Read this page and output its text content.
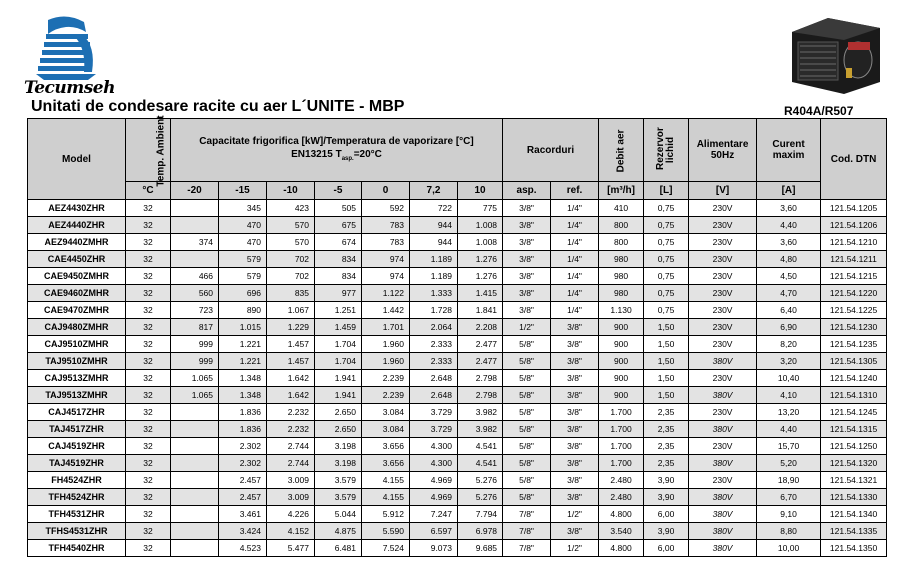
Tecumseh
Unitati de condesare racite cu aer L´UNITE - MBP	R404A/R507
Model	Temp. Ambient	Capacitate frigorifica [kW]/Temperatura de vaporizare [°C]
EN13215 $T_{asp.}=20^\circ C$							Racorduri		Debit aer	Rezervor lichid	Alimentare 50Hz	Curent maxim	Cod. DTN
	°C	-20	-15	-10	-5	0	7,2	10	asp.	ref.	[m³/h]	[L]	[V]	[A]	
AEZ4430ZHR	32		345	423	505	592	722	775	3/8"	1/4"	410	0,75	230V	3,60	121.54.1205
AEZ4440ZHR	32		470	570	675	783	944	1.008	3/8"	1/4"	800	0,75	230V	4,40	121.54.1206
AEZ9440ZMHR	32	374	470	570	674	783	944	1.008	3/8"	1/4"	800	0,75	230V	3,60	121.54.1210
CAE4450ZHR	32		579	702	834	974	1.189	1.276	3/8"	1/4"	980	0,75	230V	4,80	121.54.1211
CAE9450ZMHR	32	466	579	702	834	974	1.189	1.276	3/8"	1/4"	980	0,75	230V	4,50	121.54.1215
CAE9460ZMHR	32	560	696	835	977	1.122	1.333	1.415	3/8"	1/4"	980	0,75	230V	4,70	121.54.1220
CAE9470ZMHR	32	723	890	1.067	1.251	1.442	1.728	1.841	3/8"	1/4"	1.130	0,75	230V	6,40	121.54.1225
CAJ9480ZMHR	32	817	1.015	1.229	1.459	1.701	2.064	2.208	1/2"	3/8"	900	1,50	230V	6,90	121.54.1230
CAJ9510ZMHR	32	999	1.221	1.457	1.704	1.960	2.333	2.477	5/8"	3/8"	900	1,50	230V	8,20	121.54.1235
TAJ9510ZMHR	32	999	1.221	1.457	1.704	1.960	2.333	2.477	5/8"	3/8"	900	1,50	380V	3,20	121.54.1305
CAJ9513ZMHR	32	1.065	1.348	1.642	1.941	2.239	2.648	2.798	5/8"	3/8"	900	1,50	230V	10,40	121.54.1240
TAJ9513ZMHR	32	1.065	1.348	1.642	1.941	2.239	2.648	2.798	5/8"	3/8"	900	1,50	380V	4,10	121.54.1310
CAJ4517ZHR	32		1.836	2.232	2.650	3.084	3.729	3.982	5/8"	3/8"	1.700	2,35	230V	13,20	121.54.1245
TAJ4517ZHR	32		1.836	2.232	2.650	3.084	3.729	3.982	5/8"	3/8"	1.700	2,35	380V	4,40	121.54.1315
CAJ4519ZHR	32		2.302	2.744	3.198	3.656	4.300	4.541	5/8"	3/8"	1.700	2,35	230V	15,70	121.54.1250
TAJ4519ZHR	32		2.302	2.744	3.198	3.656	4.300	4.541	5/8"	3/8"	1.700	2,35	380V	5,20	121.54.1320
FH4524ZHR	32		2.457	3.009	3.579	4.155	4.969	5.276	5/8"	3/8"	2.480	3,90	230V	18,90	121.54.1321
TFH4524ZHR	32		2.457	3.009	3.579	4.155	4.969	5.276	5/8"	3/8"	2.480	3,90	380V	6,70	121.54.1330
TFH4531ZHR	32		3.461	4.226	5.044	5.912	7.247	7.794	7/8"	1/2"	4.800	6,00	380V	9,10	121.54.1340
TFHS4531ZHR	32		3.424	4.152	4.875	5.590	6.597	6.978	7/8"	3/8"	3.540	3,90	380V	8,80	121.54.1335
TFH4540ZHR	32		4.523	5.477	6.481	7.524	9.073	9.685	7/8"	1/2"	4.800	6,00	380V	10,00	121.54.1350
